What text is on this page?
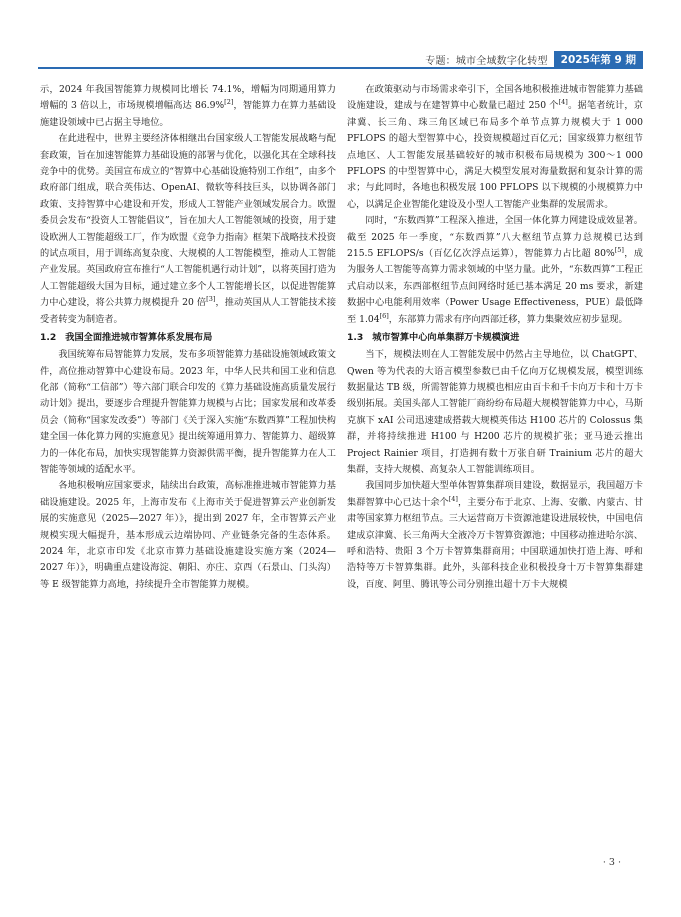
专题：城市全域数字化转型	2025年第 9 期

示，2024 年我国智能算力规模同比增长 74.1%，增幅为同期通用算力增幅的 3 倍以上，市场规模增幅高达 86.9%[2]，智能算力在算力基础设施建设领域中已占据主导地位。

在此进程中，世界主要经济体相继出台国家级人工智能发展战略与配套政策，旨在加速智能算力基础设施的部署与优化，以强化其在全球科技竞争中的优势。美国宣布成立的“智算中心基础设施特别工作组”，由多个政府部门组成，联合英伟达、OpenAI、微软等科技巨头，以协调各部门政策、支持智算中心建设和开发，形成人工智能产业领域发展合力。欧盟委员会发布“投资人工智能倡议”，旨在加大人工智能领域的投资，用于建设欧洲人工智能超级工厂，作为欧盟《竞争力指南》框架下战略技术投资的试点项目，用于训练高复杂度、大规模的人工智能模型，推动人工智能产业发展。英国政府宣布推行“人工智能机遇行动计划”，以将英国打造为人工智能超级大国为目标，通过建立多个人工智能增长区，以促进智能算力中心建设，将公共算力规模提升 20 倍[3]，推动英国从人工智能技术接受者转变为制造者。

1.2 我国全面推进城市智算体系发展布局

我国统筹布局智能算力发展，发布多项智能算力基础设施领域政策文件，高位推动智算中心建设布局。2023 年，中华人民共和国工业和信息化部（简称“工信部”）等六部门联合印发的《算力基础设施高质量发展行动计划》提出，要逐步合理提升智能算力规模与占比；国家发展和改革委员会（简称“国家发改委”）等部门《关于深入实施“东数西算”工程加快构建全国一体化算力网的实施意见》提出统筹通用算力、智能算力、超级算力的一体化布局，加快实现智能算力资源供需平衡，提升智能算力在人工智能等领域的适配水平。

各地积极响应国家要求，陆续出台政策，高标准推进城市智能算力基础设施建设。2025 年，上海市发布《上海市关于促进智算云产业创新发展的实施意见（2025—2027 年）》，提出到 2027 年，全市智算云产业规模实现大幅提升，基本形成云边端协同、产业链条完备的生态体系。2024 年，北京市印发《北京市算力基础设施建设实施方案（2024—2027 年）》，明确重点建设海淀、朝阳、亦庄、京西（石景山、门头沟）等 E 级智能算力高地，持续提升全市智能算力规模。

在政策驱动与市场需求牵引下，全国各地积极推进城市智能算力基础设施建设，建成与在建智算中心数量已超过 250 个[4]。据笔者统计，京津冀、长三角、珠三角区域已布局多个单节点算力规模大于 1 000 PFLOPS 的超大型智算中心，投资规模超过百亿元；国家级算力枢纽节点地区、人工智能发展基础较好的城市积极布局规模为 300～1 000 PFLOPS 的中型智算中心，满足大模型发展对海量数据和复杂计算的需求；与此同时，各地也积极发展 100 PFLOPS 以下规模的小规模算力中心，以满足企业智能化建设及小型人工智能产业集群的发展需求。

同时，“东数西算”工程深入推进，全国一体化算力网建设成效显著。截至 2025 年一季度，“东数西算”八大枢纽节点算力总规模已达到 215.5 EFLOPS/s（百亿亿次浮点运算），智能算力占比超 80%[5]，成为服务人工智能等高算力需求领域的中坚力量。此外，“东数西算”工程正式启动以来，东西部枢纽节点间网络时延已基本满足 20 ms 要求，新建数据中心电能利用效率（Power Usage Effectiveness，PUE）最低降至 1.04[6]，东部算力需求有序向西部迁移，算力集聚效应初步显现。

1.3 城市智算中心向单集群万卡规模演进

当下，规模法则在人工智能发展中仍然占主导地位，以 ChatGPT、Qwen 等为代表的大语言模型参数已由千亿向万亿规模发展，模型训练数据量达 TB 级，所需智能算力规模也相应由百卡和千卡向万卡和十万卡级别拓展。美国头部人工智能厂商纷纷布局超大规模智能算力中心，马斯克旗下 xAI 公司迅速建成搭载大规模英伟达 H100 芯片的 Colossus 集群，并将持续推进 H100 与 H200 芯片的规模扩张；亚马逊云推出 Project Rainier 项目，打造拥有数十万张自研 Trainium 芯片的超大集群，支持大规模、高复杂人工智能训练项目。

我国同步加快超大型单体智算集群项目建设，数据显示，我国超万卡集群智算中心已达十余个[4]，主要分布于北京、上海、安徽、内蒙古、甘肃等国家算力枢纽节点。三大运营商万卡资源池建设进展较快，中国电信建成京津冀、长三角两大全液冷万卡智算资源池；中国移动推进哈尔滨、呼和浩特、贵阳 3 个万卡智算集群商用；中国联通加快打造上海、呼和浩特等万卡智算集群。此外，头部科技企业积极投身十万卡智算集群建设，百度、阿里、腾讯等公司分别推出超十万卡大规模

· 3 ·
